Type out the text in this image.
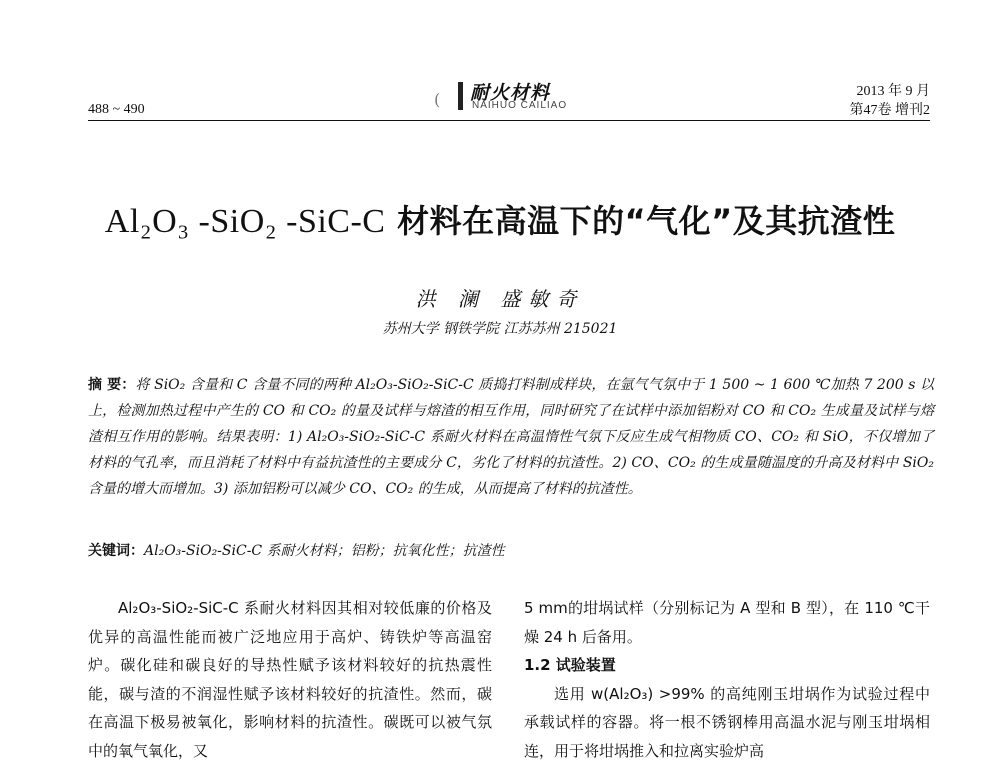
488 ~ 490
( 耐火材料
NAIHUO CAILIAO
2013 年 9 月
第47卷 增刊2
Al₂O₃ -SiO₂ -SiC-C 材料在高温下的“气化”及其抗渣性
洪 澜 盛敏奇
苏州大学 钢铁学院 江苏苏州 215021
摘 要：将 SiO₂ 含量和 C 含量不同的两种 Al₂O₃-SiO₂-SiC-C 质捣打料制成样块，在氩气气氛中于 1 500 ~ 1 600 ℃加热 7 200 s 以上，检测加热过程中产生的 CO 和 CO₂ 的量及试样与熔渣的相互作用，同时研究了在试样中添加铝粉对 CO 和 CO₂ 生成量及试样与熔渣相互作用的影响。结果表明：1) Al₂O₃-SiO₂-SiC-C 系耐火材料在高温惰性气氛下反应生成气相物质 CO、CO₂ 和 SiO，不仅增加了材料的气孔率，而且消耗了材料中有益抗渣性的主要成分 C，劣化了材料的抗渣性。2) CO、CO₂ 的生成量随温度的升高及材料中 SiO₂ 含量的增大而增加。3) 添加铝粉可以减少 CO、CO₂ 的生成，从而提高了材料的抗渣性。
关键词：Al₂O₃-SiO₂-SiC-C 系耐火材料；铝粉；抗氧化性；抗渣性
Al₂O₃-SiO₂-SiC-C 系耐火材料因其相对较低廉的价格及优异的高温性能而被广泛地应用于高炉、铸铁炉等高温窑炉。碳化硅和碳良好的导热性赋予该材料较好的抗热震性能，碳与渣的不润湿性赋予该材料较好的抗渣性。然而，碳在高温下极易被氧化，影响材料的抗渣性。碳既可以被气氛中的氧气氧化，又

5 mm的坩埚试样（分别标记为 A 型和 B 型），在 110 ℃干燥 24 h 后备用。

1.2 试验装置

选用 w(Al₂O₃) >99% 的高纯刚玉坩埚作为试验过程中承载试样的容器。将一根不锈钢棒用高温水泥与刚玉坩埚相连，用于将坩埚推入和拉离实验炉高
